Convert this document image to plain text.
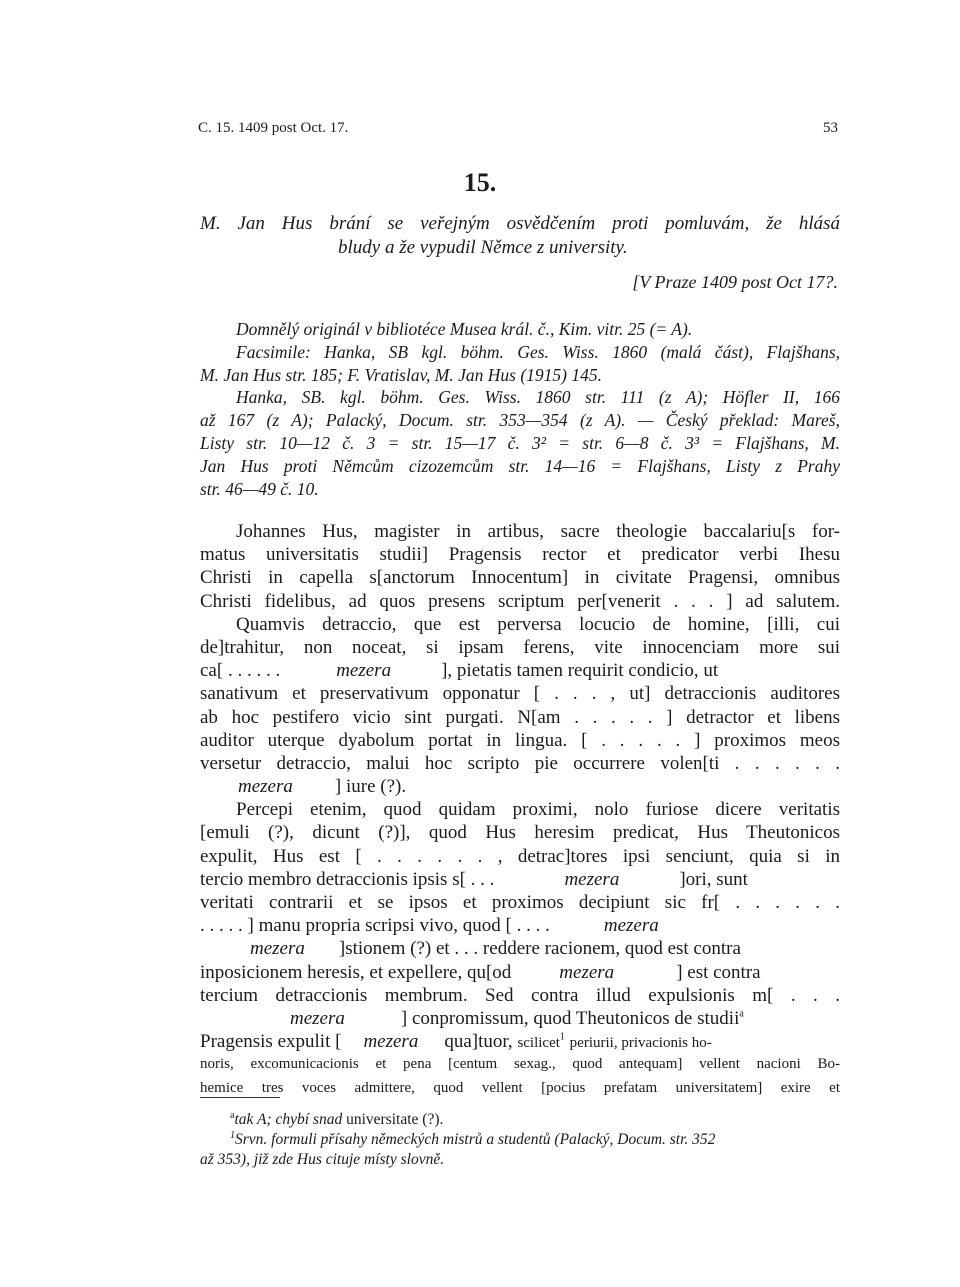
C. 15. 1409 post Oct. 17.	53
15.
M. Jan Hus brání se veřejným osvědčením proti pomluvám, že hlásá
bludy a že vypudil Němce z university.
[V Praze 1409 post Oct 17?.
Domnělý originál v bibliotéce Musea král. č., Kim. vitr. 25 (= A).
Facsimile: Hanka, SB kgl. böhm. Ges. Wiss. 1860 (malá část), Flajšhans,
M. Jan Hus str. 185; F. Vratislav, M. Jan Hus (1915) 145.
Hanka, SB. kgl. böhm. Ges. Wiss. 1860 str. 111 (z A); Höfler II, 166
až 167 (z A); Palacký, Docum. str. 353—354 (z A). — Český překlad: Mareš,
Listy str. 10—12 č. 3 = str. 15—17 č. 3² = str. 6—8 č. 3³ = Flajšhans, M.
Jan Hus proti Němcům cizozemcům str. 14—16 = Flajšhans, Listy z Prahy
str. 46—49 č. 10.
Johannes Hus, magister in artibus, sacre theologie baccalariu[s for-
matus universitatis studii] Pragensis rector et predicator verbi Ihesu
Christi in capella s[anctorum Innocentum] in civitate Pragensi, omnibus
Christi fidelibus, ad quos presens scriptum per[venerit . . . ] ad salutem.
Quamvis detraccio, que est perversa locucio de homine, [illi, cui
de]trahitur, non noceat, si ipsam ferens, vite innocenciam more sui
ca[ . . . . . .	mezera	], pietatis tamen requirit condicio, ut
sanativum et preservativum opponatur [ . . . , ut] detraccionis auditores
ab hoc pestifero vicio sint purgati. N[am . . . . . ] detractor et libens
auditor uterque dyabolum portat in lingua. [ . . . . . ] proximos meos
versetur detraccio, malui hoc scripto pie occurrere volen[ti . . . . . .
mezera ] iure (?).
Percepi etenim, quod quidam proximi, nolo furiose dicere veritatis
[emuli (?), dicunt (?)], quod Hus heresim predicat, Hus Theutonicos
expulit, Hus est [ . . . . . . , detrac]tores ipsi senciunt, quia si in
tercio membro detraccionis ipsis s[ . . .	mezera	]ori, sunt
veritati contrarii et se ipsos et proximos decipiunt sic fr[ . . . . . .
. . . . . ] manu propria scripsi vivo, quod [ . . . .	mezera
mezera ]stionem (?) et . . . reddere racionem, quod est contra
inposicionem heresis, et expellere, qu[od	mezera	] est contra
tercium detraccionis membrum. Sed contra illud expulsionis m[ . . .
mezera	] conpromissum, quod Theutonicos de studii$^a$
Pragensis expulit [ mezera qua]tuor, scilicet$^1$ periurii, privacionis ho-
noris, excomunicacionis et pena [centum sexag., quod antequam] vellent nacioni Bo-
hemice tres voces admittere, quod vellent [pocius prefatam universitatem] exire et
$^a$tak A; chybí snad universitate (?).
$^1$Srvn. formuli přísahy německých mistrů a studentů (Palacký, Docum. str. 352
až 353), již zde Hus cituje místy slovně.
